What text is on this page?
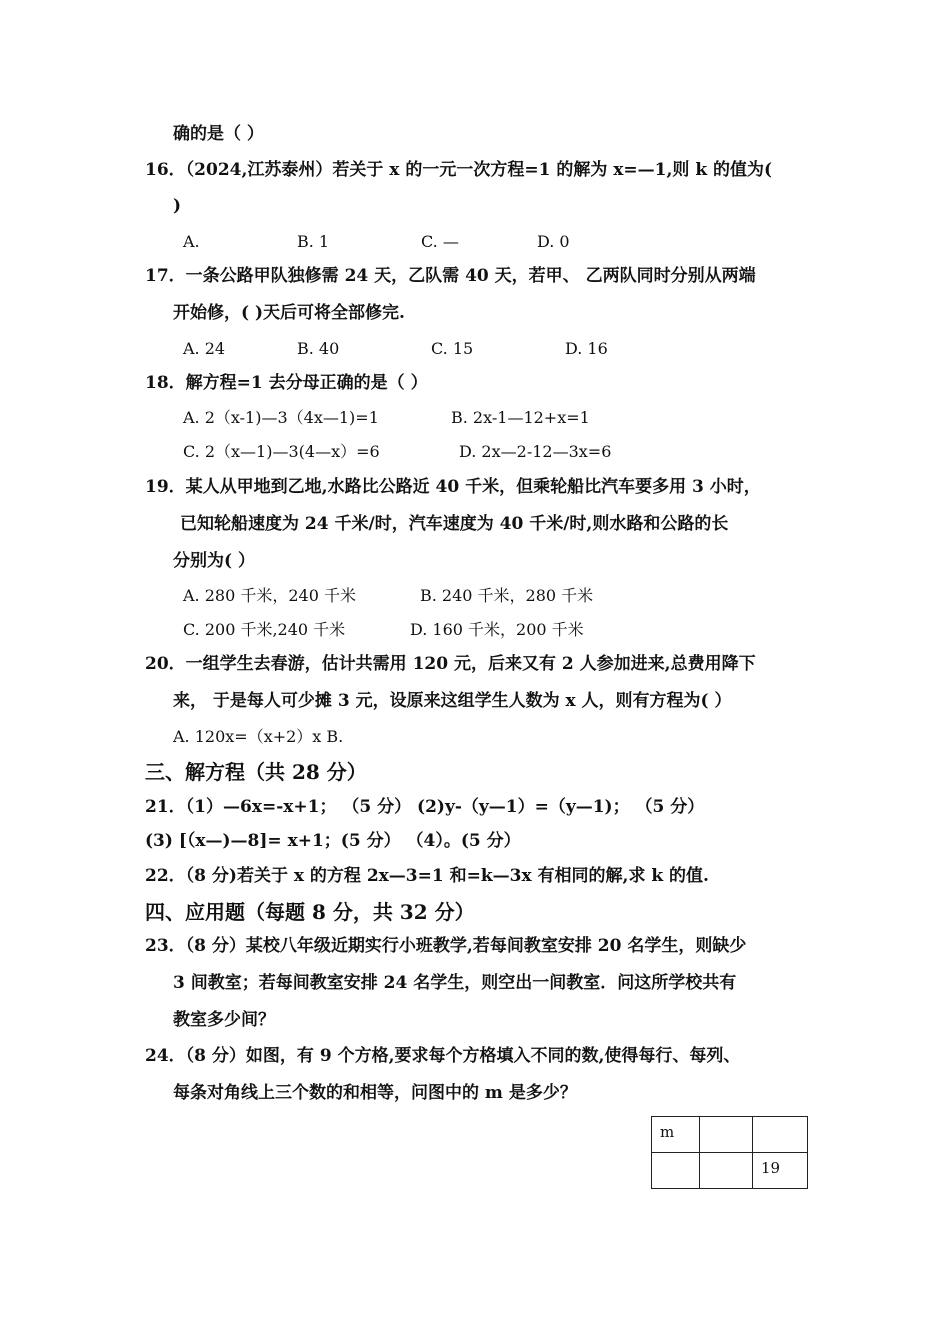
确的是（ ）
16．（2024,江苏泰州）若关于 x 的一元一次方程=1 的解为 x=—1,则 k 的值为(
)
A.	B. 1	C. —	D. 0
17．一条公路甲队独修需 24 天，乙队需 40 天，若甲、 乙两队同时分别从两端
开始修，( )天后可将全部修完.
A. 24	B. 40	C. 15	D. 16
18．解方程=1 去分母正确的是（ ）
A. 2（x-1)—3（4x—1)=1	B. 2x-1—12+x=1
C. 2（x—1)—3(4—x）=6	D. 2x—2-12—3x=6
19．某人从甲地到乙地,水路比公路近 40 千米，但乘轮船比汽车要多用 3 小时，
已知轮船速度为 24 千米/时，汽车速度为 40 千米/时,则水路和公路的长
分别为( ）
A. 280 千米，240 千米	B. 240 千米，280 千米
C. 200 千米,240 千米	D. 160 千米，200 千米
20．一组学生去春游，估计共需用 120 元，后来又有 2 人参加进来,总费用降下
来， 于是每人可少摊 3 元，设原来这组学生人数为 x 人，则有方程为( ）
A. 120x=（x+2）x B.
三、解方程（共 28 分）
21．（1）—6x=-x+1； （5 分） (2)y-（y—1）=（y—1)； （5 分）
(3) [（x—)—8]= x+1；(5 分） （4）。(5 分）
22．（8 分)若关于 x 的方程 2x—3=1 和=k—3x 有相同的解,求 k 的值.
四、应用题（每题 8 分，共 32 分）
23．（8 分）某校八年级近期实行小班教学,若每间教室安排 20 名学生，则缺少
3 间教室；若每间教室安排 24 名学生，则空出一间教室．问这所学校共有
教室多少间？
24．（8 分）如图，有 9 个方格,要求每个方格填入不同的数,使得每行、每列、
每条对角线上三个数的和相等，问图中的 m 是多少？
m		

		19
